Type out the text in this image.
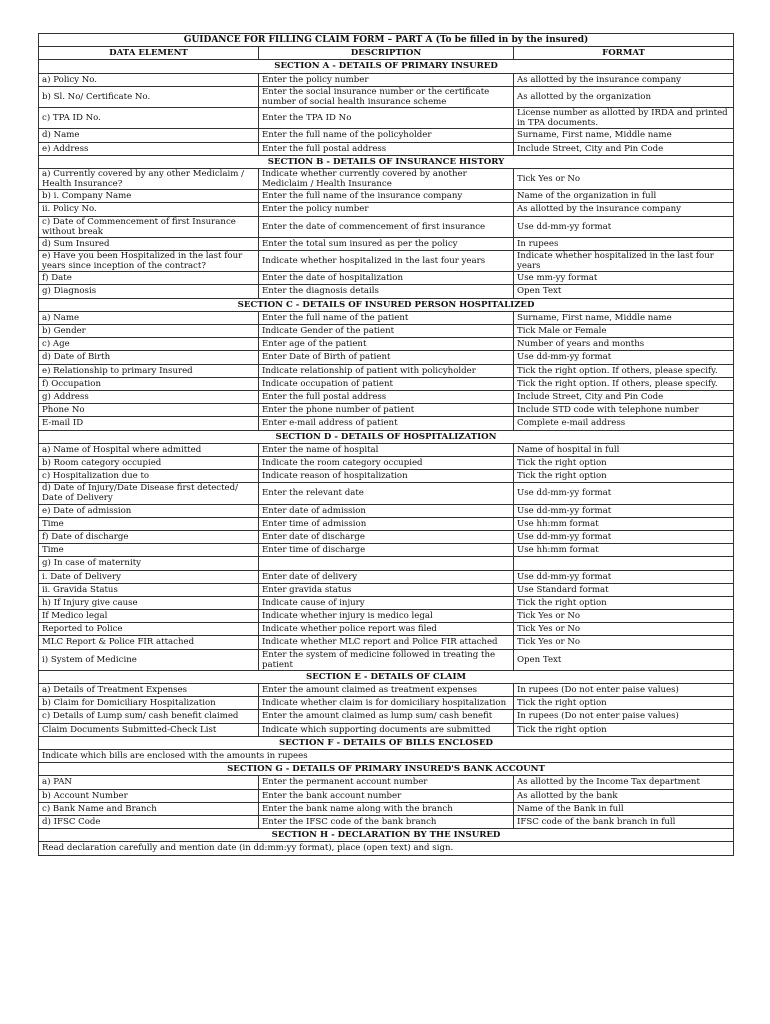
GUIDANCE FOR FILLING CLAIM FORM – PART A (To be filled in by the insured)		
DATA ELEMENT	DESCRIPTION	FORMAT
SECTION A - DETAILS OF PRIMARY INSURED		
a) Policy No.	Enter the policy number	As allotted by the insurance company
b) Sl. No/ Certificate No.	Enter the social insurance number or the certificate number of social health insurance scheme	As allotted by the organization
c) TPA ID No.	Enter the TPA ID No	License number as allotted by IRDA and printed in TPA documents.
d) Name	Enter the full name of the policyholder	Surname, First name, Middle name
e) Address	Enter the full postal address	Include Street, City and Pin Code
SECTION B - DETAILS OF INSURANCE HISTORY		
a) Currently covered by any other Mediclaim / Health Insurance?	Indicate whether currently covered by another Mediclaim / Health Insurance	Tick Yes or No
b) i. Company Name	Enter the full name of the insurance company	Name of the organization in full
ii. Policy No.	Enter the policy number	As allotted by the insurance company
c) Date of Commencement of first Insurance without break	Enter the date of commencement of first insurance	Use dd-mm-yy format
d) Sum Insured	Enter the total sum insured as per the policy	In rupees
e) Have you been Hospitalized in the last four years since inception of the contract?	Indicate whether hospitalized in the last four years	Indicate whether hospitalized in the last four years
f) Date	Enter the date of hospitalization	Use mm-yy format
g) Diagnosis	Enter the diagnosis details	Open Text
SECTION C - DETAILS OF INSURED PERSON HOSPITALIZED		
a) Name	Enter the full name of the patient	Surname, First name, Middle name
b) Gender	Indicate Gender of the patient	Tick Male or Female
c) Age	Enter age of the patient	Number of years and months
d) Date of Birth	Enter Date of Birth of patient	Use dd-mm-yy format
e) Relationship to primary Insured	Indicate relationship of patient with policyholder	Tick the right option. If others, please specify.
f) Occupation	Indicate occupation of patient	Tick the right option. If others, please specify.
g) Address	Enter the full postal address	Include Street, City and Pin Code
Phone No	Enter the phone number of patient	Include STD code with telephone number
E-mail ID	Enter e-mail address of patient	Complete e-mail address
SECTION D - DETAILS OF HOSPITALIZATION		
a) Name of Hospital where admitted	Enter the name of hospital	Name of hospital in full
b) Room category occupied	Indicate the room category occupied	Tick the right option
c) Hospitalization due to	Indicate reason of hospitalization	Tick the right option
d) Date of Injury/Date Disease first detected/ Date of Delivery	Enter the relevant date	Use dd-mm-yy format
e) Date of admission	Enter date of admission	Use dd-mm-yy format
Time	Enter time of admission	Use hh:mm format
f) Date of discharge	Enter date of discharge	Use dd-mm-yy format
Time	Enter time of discharge	Use hh:mm format
g) In case of maternity		
i. Date of Delivery	Enter date of delivery	Use dd-mm-yy format
ii. Gravida Status	Enter gravida status	Use Standard format
h) If Injury give cause	Indicate cause of injury	Tick the right option
If Medico legal	Indicate whether injury is medico legal	Tick Yes or No
Reported to Police	Indicate whether police report was filed	Tick Yes or No
MLC Report & Police FIR attached	Indicate whether MLC report and Police FIR attached	Tick Yes or No
i) System of Medicine	Enter the system of medicine followed in treating the patient	Open Text
SECTION E - DETAILS OF CLAIM		
a) Details of Treatment Expenses	Enter the amount claimed as treatment expenses	In rupees (Do not enter paise values)
b) Claim for Domiciliary Hospitalization	Indicate whether claim is for domiciliary hospitalization	Tick the right option
c) Details of Lump sum/ cash benefit claimed	Enter the amount claimed as lump sum/ cash benefit	In rupees (Do not enter paise values)
Claim Documents Submitted-Check List	Indicate which supporting documents are submitted	Tick the right option
SECTION F - DETAILS OF BILLS ENCLOSED		
Indicate which bills are enclosed with the amounts in rupees		
SECTION G - DETAILS OF PRIMARY INSURED'S BANK ACCOUNT		
a) PAN	Enter the permanent account number	As allotted by the Income Tax department
b) Account Number	Enter the bank account number	As allotted by the bank
c) Bank Name and Branch	Enter the bank name along with the branch	Name of the Bank in full
d) IFSC Code	Enter the IFSC code of the bank branch	IFSC code of the bank branch in full
SECTION H - DECLARATION BY THE INSURED		
Read declaration carefully and mention date (in dd:mm:yy format), place (open text) and sign.		
